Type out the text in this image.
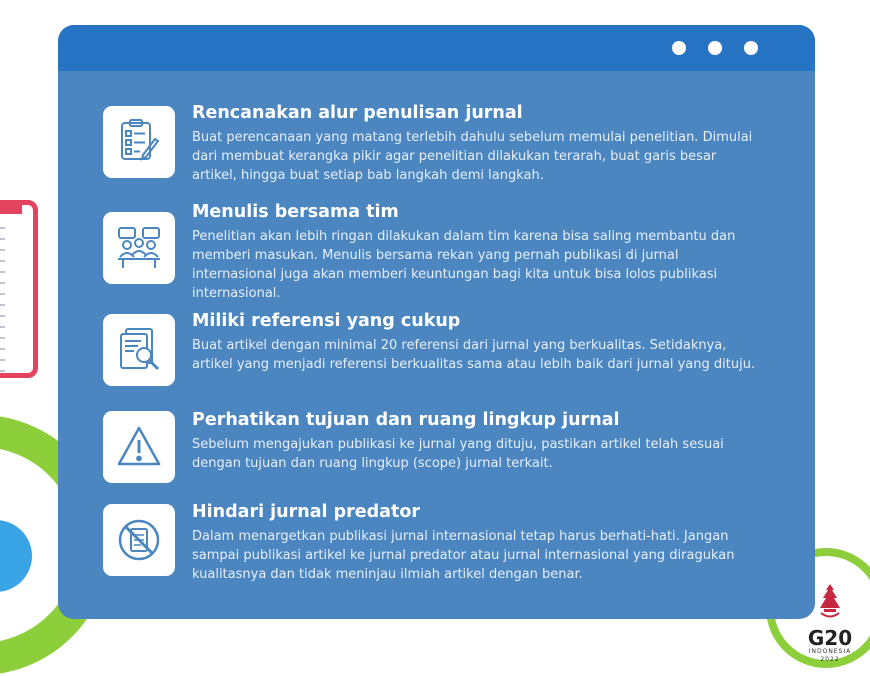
Rencanakan alur penulisan jurnal
Buat perencanaan yang matang terlebih dahulu sebelum memulai penelitian. Dimulai dari membuat kerangka pikir agar penelitian dilakukan terarah, buat garis besar artikel, hingga buat setiap bab langkah demi langkah.
Menulis bersama tim
Penelitian akan lebih ringan dilakukan dalam tim karena bisa saling membantu dan memberi masukan. Menulis bersama rekan yang pernah publikasi di jurnal internasional juga akan memberi keuntungan bagi kita untuk bisa lolos publikasi internasional.
Miliki referensi yang cukup
Buat artikel dengan minimal 20 referensi dari jurnal yang berkualitas. Setidaknya, artikel yang menjadi referensi berkualitas sama atau lebih baik dari jurnal yang dituju.
Perhatikan tujuan dan ruang lingkup jurnal
Sebelum mengajukan publikasi ke jurnal yang dituju, pastikan artikel telah sesuai dengan tujuan dan ruang lingkup (scope) jurnal terkait.
Hindari jurnal predator
Dalam menargetkan publikasi jurnal internasional tetap harus berhati-hati. Jangan sampai publikasi artikel ke jurnal predator atau jurnal internasional yang diragukan kualitasnya dan tidak meninjau ilmiah artikel dengan benar.
G20
INDONESIA
2022
